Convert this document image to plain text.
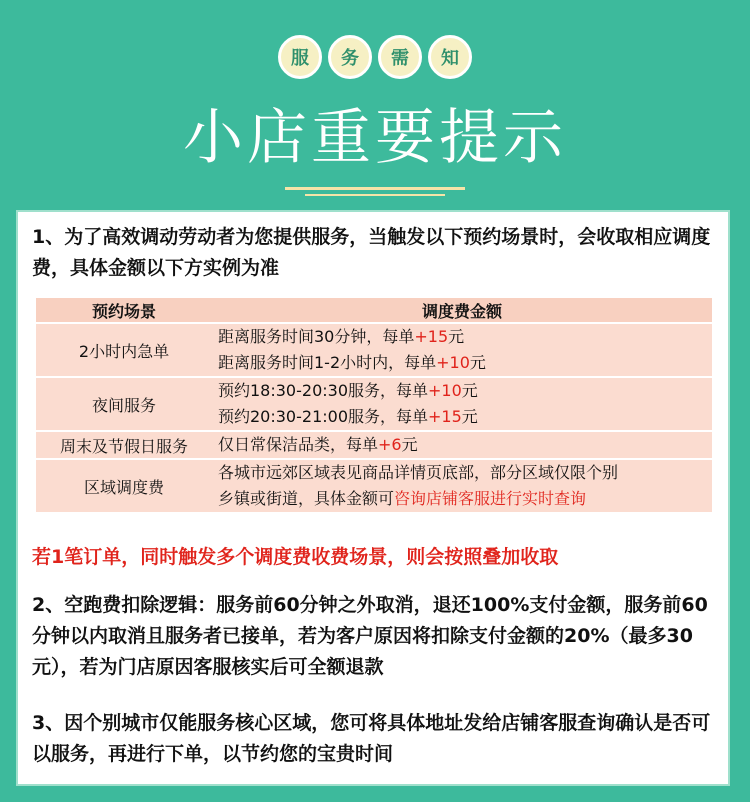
服	务	需	知
小店重要提示

1、为了高效调动劳动者为您提供服务，当触发以下预约场景时，会收取相应调度费，具体金额以下方实例为准

预约场景	调度费金额
2小时内急单	距离服务时间30分钟，每单+15元
距离服务时间1-2小时内，每单+10元

夜间服务	预约18:30-20:30服务，每单+10元
预约20:30-21:00服务，每单+15元

周末及节假日服务	仅日常保洁品类，每单+6元

区域调度费	各城市远郊区域表见商品详情页底部，部分区域仅限个别
乡镇或街道，具体金额可咨询店铺客服进行实时查询

若1笔订单，同时触发多个调度费收费场景，则会按照叠加收取

2、空跑费扣除逻辑：服务前60分钟之外取消，退还100%支付金额，服务前60分钟以内取消且服务者已接单，若为客户原因将扣除支付金额的20%（最多30元），若为门店原因客服核实后可全额退款

3、因个别城市仅能服务核心区域，您可将具体地址发给店铺客服查询确认是否可以服务，再进行下单，以节约您的宝贵时间
